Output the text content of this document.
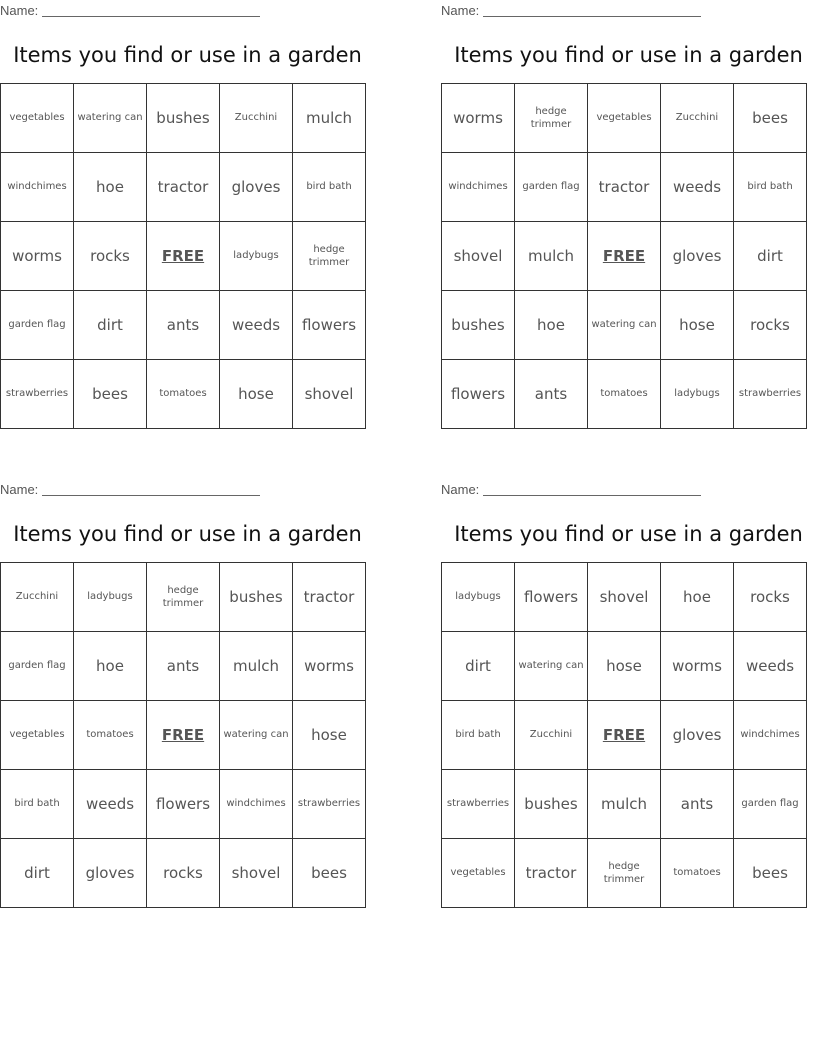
Name:
Items you find or use in a garden
vegetables	watering can	bushes	Zucchini	mulch
windchimes	hoe	tractor	gloves	bird bath
worms	rocks	FREE	ladybugs	hedge trimmer
garden flag	dirt	ants	weeds	flowers
strawberries	bees	tomatoes	hose	shovel
Name:
Items you find or use in a garden
worms	hedge trimmer	vegetables	Zucchini	bees
windchimes	garden flag	tractor	weeds	bird bath
shovel	mulch	FREE	gloves	dirt
bushes	hoe	watering can	hose	rocks
flowers	ants	tomatoes	ladybugs	strawberries
Name:
Items you find or use in a garden
Zucchini	ladybugs	hedge trimmer	bushes	tractor
garden flag	hoe	ants	mulch	worms
vegetables	tomatoes	FREE	watering can	hose
bird bath	weeds	flowers	windchimes	strawberries
dirt	gloves	rocks	shovel	bees
Name:
Items you find or use in a garden
ladybugs	flowers	shovel	hoe	rocks
dirt	watering can	hose	worms	weeds
bird bath	Zucchini	FREE	gloves	windchimes
strawberries	bushes	mulch	ants	garden flag
vegetables	tractor	hedge trimmer	tomatoes	bees
